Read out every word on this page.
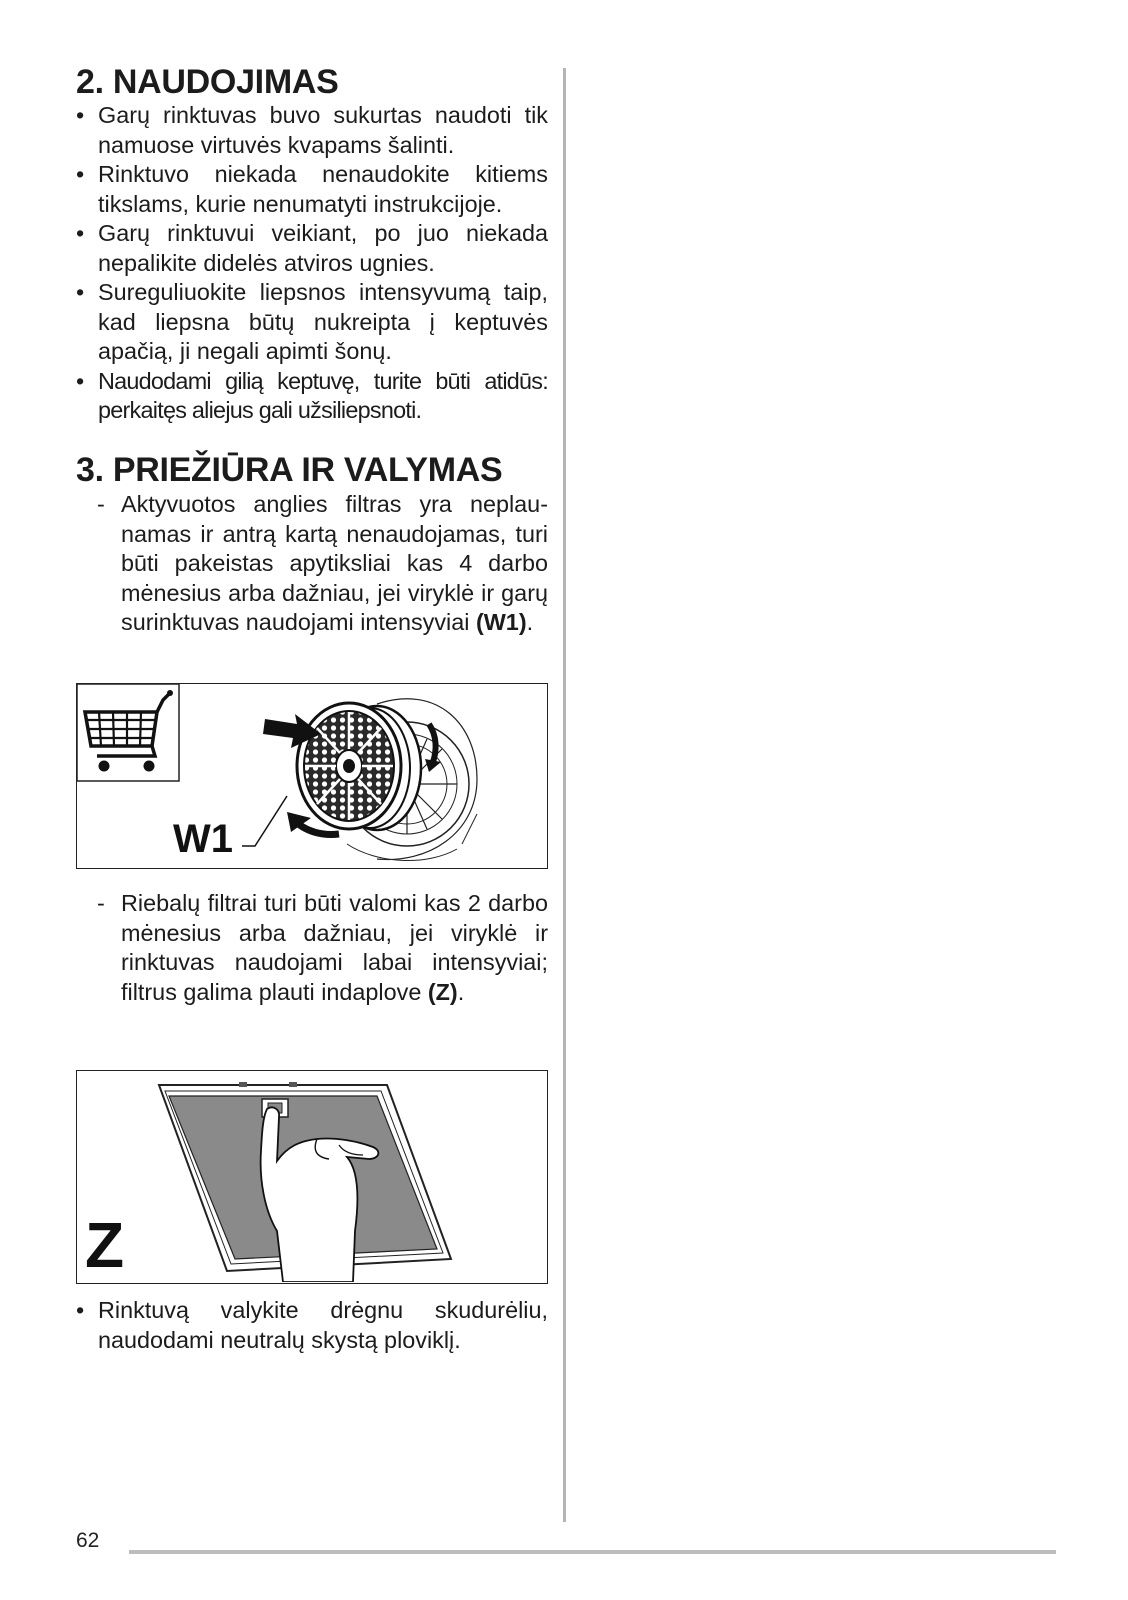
2. NAUDOJIMAS
• Garų rinktuvas buvo sukurtas naudoti tik namuose virtuvės kvapams šalinti.
• Rinktuvo niekada nenaudokite kitiems tikslams, kurie nenumatyti instrukcijoje.
• Garų rinktuvui veikiant, po juo niekada nepalikite didelės atviros ugnies.
• Sureguliuokite liepsnos intensyvumą taip, kad liepsna būtų nukreipta į keptuvės apačią, ji negali apimti šonų.
• Naudodami gilią keptuvę, turite būti atidūs: perkaitęs aliejus gali užsiliepsnoti.
3. PRIEŽIŪRA IR VALYMAS
- Aktyvuotos anglies filtras yra neplaunamas ir antrą kartą nenaudojamas, turi būti pakeistas apytiksliai kas 4 darbo mėnesius arba dažniau, jei viryklė ir garų surinktuvas naudojami intensyviai (W1).
W1
- Riebalų filtrai turi būti valomi kas 2 darbo mėnesius arba dažniau, jei viryklė ir rinktuvas naudojami labai intensyviai; filtrus galima plauti indaplove (Z).
Z
• Rinktuvą valykite drėgnu skudurėliu, naudodami neutralų skystą ploviklį.
62
